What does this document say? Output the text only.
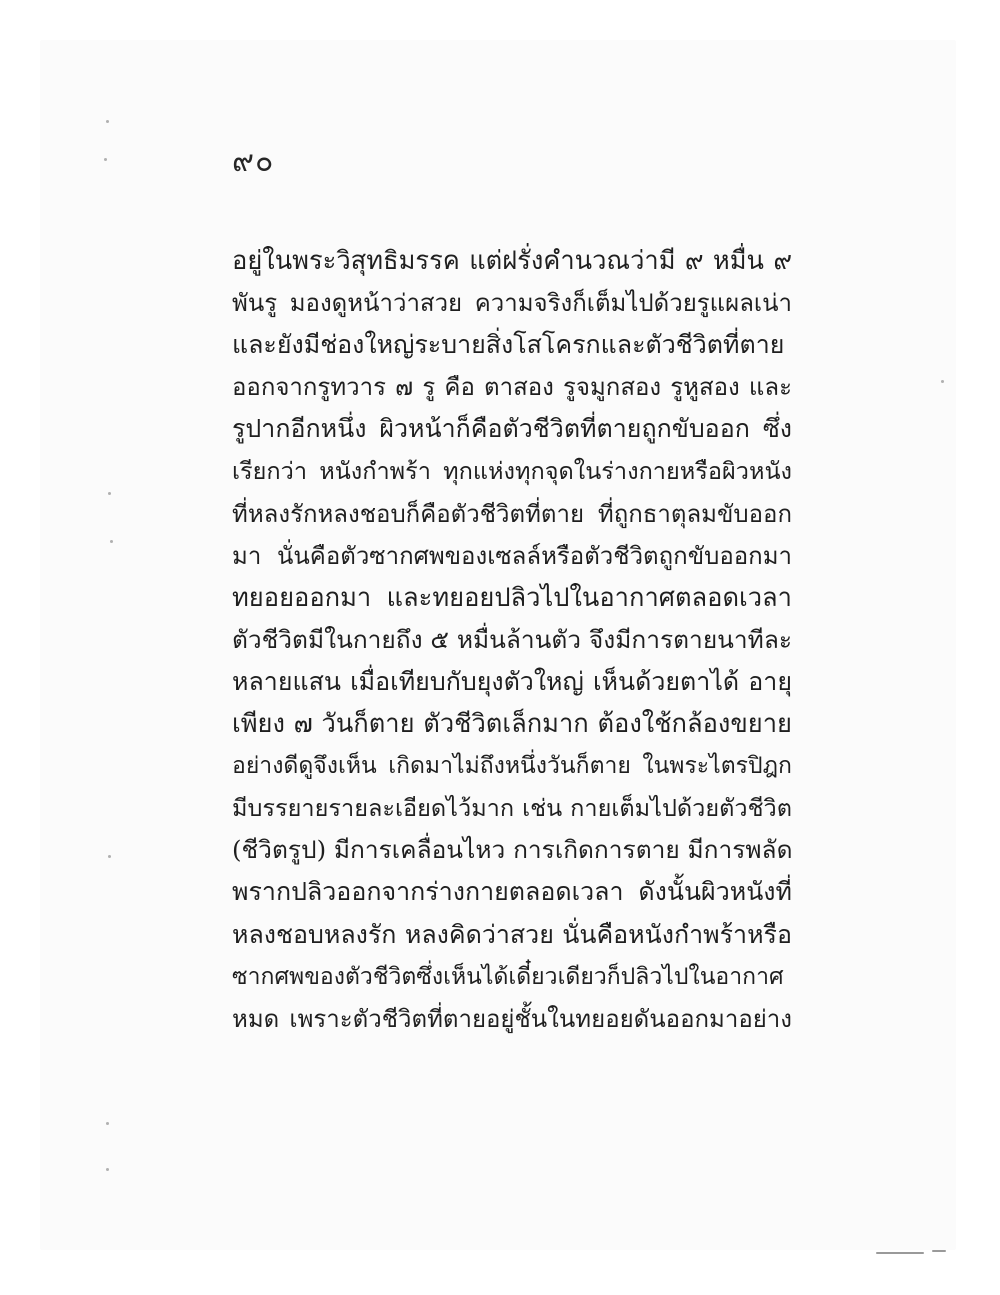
๙๐
อยู่ในพระวิสุทธิมรรค แต่ฝรั่งคำนวณว่ามี ๙ หมื่น ๙
พันรู มองดูหน้าว่าสวย ความจริงก็เต็มไปด้วยรูแผลเน่า
และยังมีช่องใหญ่ระบายสิ่งโสโครกและตัวชีวิตที่ตาย
ออกจากรูทวาร ๗ รู คือ ตาสอง รูจมูกสอง รูหูสอง และ
รูปากอีกหนึ่ง ผิวหน้าก็คือตัวชีวิตที่ตายถูกขับออก ซึ่ง
เรียกว่า หนังกำพร้า ทุกแห่งทุกจุดในร่างกายหรือผิวหนัง
ที่หลงรักหลงชอบก็คือตัวชีวิตที่ตาย ที่ถูกธาตุลมขับออก
มา นั่นคือตัวซากศพของเซลล์หรือตัวชีวิตถูกขับออกมา
ทยอยออกมา และทยอยปลิวไปในอากาศตลอดเวลา
ตัวชีวิตมีในกายถึง ๕ หมื่นล้านตัว จึงมีการตายนาทีละ
หลายแสน เมื่อเทียบกับยุงตัวใหญ่ เห็นด้วยตาได้ อายุ
เพียง ๗ วันก็ตาย ตัวชีวิตเล็กมาก ต้องใช้กล้องขยาย
อย่างดีดูจึงเห็น เกิดมาไม่ถึงหนึ่งวันก็ตาย ในพระไตรปิฎก
มีบรรยายรายละเอียดไว้มาก เช่น กายเต็มไปด้วยตัวชีวิต
(ชีวิตรูป) มีการเคลื่อนไหว การเกิดการตาย มีการพลัด
พรากปลิวออกจากร่างกายตลอดเวลา ดังนั้นผิวหนังที่
หลงชอบหลงรัก หลงคิดว่าสวย นั่นคือหนังกำพร้าหรือ
ซากศพของตัวชีวิตซึ่งเห็นได้เดี๋ยวเดียวก็ปลิวไปในอากาศ
หมด เพราะตัวชีวิตที่ตายอยู่ชั้นในทยอยดันออกมาอย่าง
